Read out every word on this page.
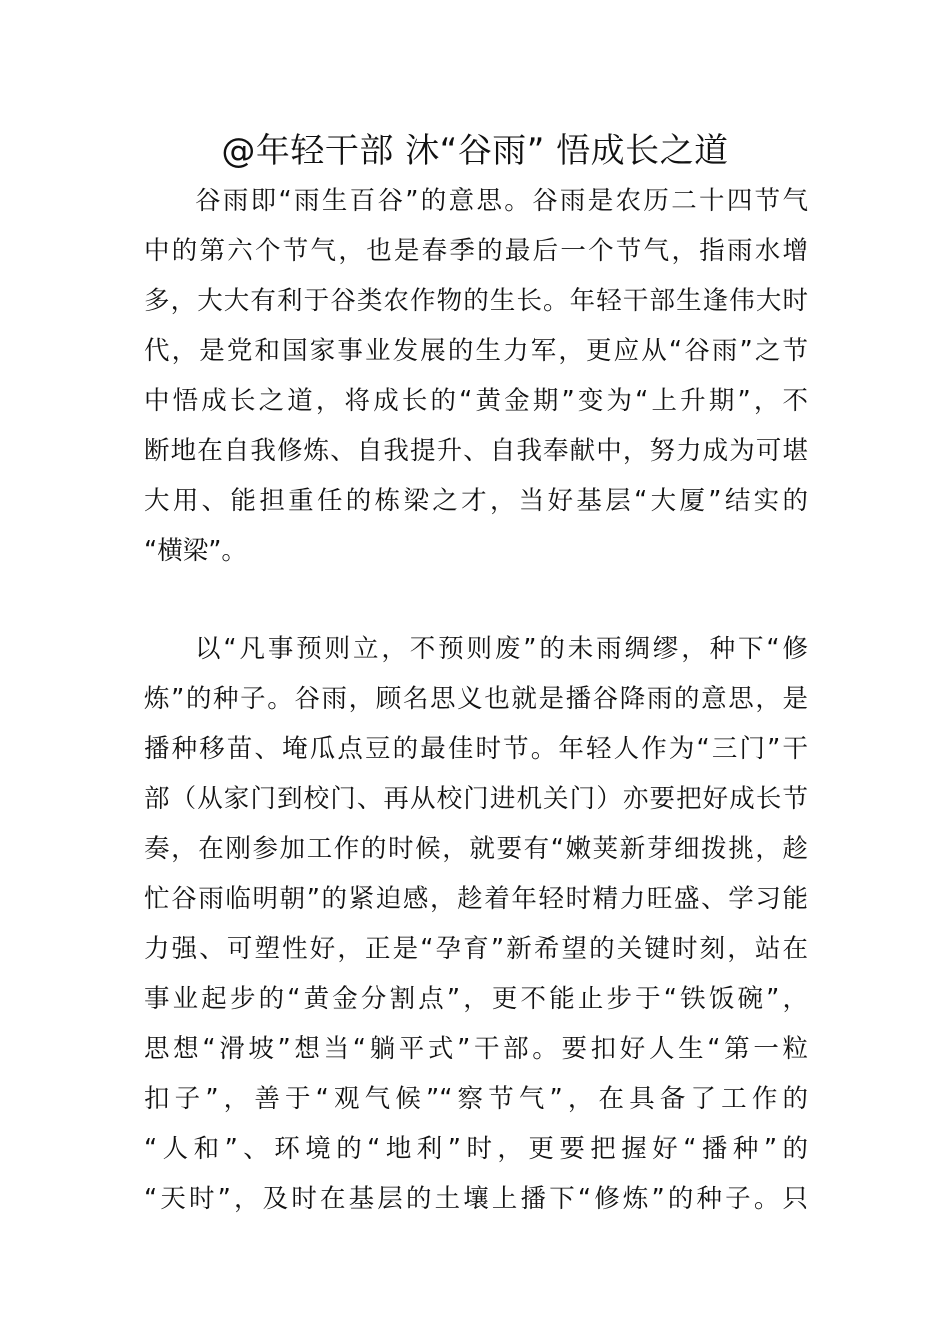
@年轻干部 沐“谷雨” 悟成长之道
谷雨即“雨生百谷”的意思。谷雨是农历二十四节气
中的第六个节气，也是春季的最后一个节气，指雨水增
多，大大有利于谷类农作物的生长。年轻干部生逢伟大时
代，是党和国家事业发展的生力军，更应从“谷雨”之节
中悟成长之道，将成长的“黄金期”变为“上升期”，不
断地在自我修炼、自我提升、自我奉献中，努力成为可堪
大用、能担重任的栋梁之才，当好基层“大厦”结实的
“横梁”。
以“凡事预则立，不预则废”的未雨绸缪，种下“修
炼”的种子。谷雨，顾名思义也就是播谷降雨的意思，是
播种移苗、埯瓜点豆的最佳时节。年轻人作为“三门”干
部（从家门到校门、再从校门进机关门）亦要把好成长节
奏，在刚参加工作的时候，就要有“嫩荚新芽细拨挑，趁
忙谷雨临明朝”的紧迫感，趁着年轻时精力旺盛、学习能
力强、可塑性好，正是“孕育”新希望的关键时刻，站在
事业起步的“黄金分割点”，更不能止步于“铁饭碗”，
思想“滑坡”想当“躺平式”干部。要扣好人生“第一粒
扣子”，善于“观气候”“察节气”，在具备了工作的
“人和”、环境的“地利”时，更要把握好“播种”的
“天时”，及时在基层的土壤上播下“修炼”的种子。只
